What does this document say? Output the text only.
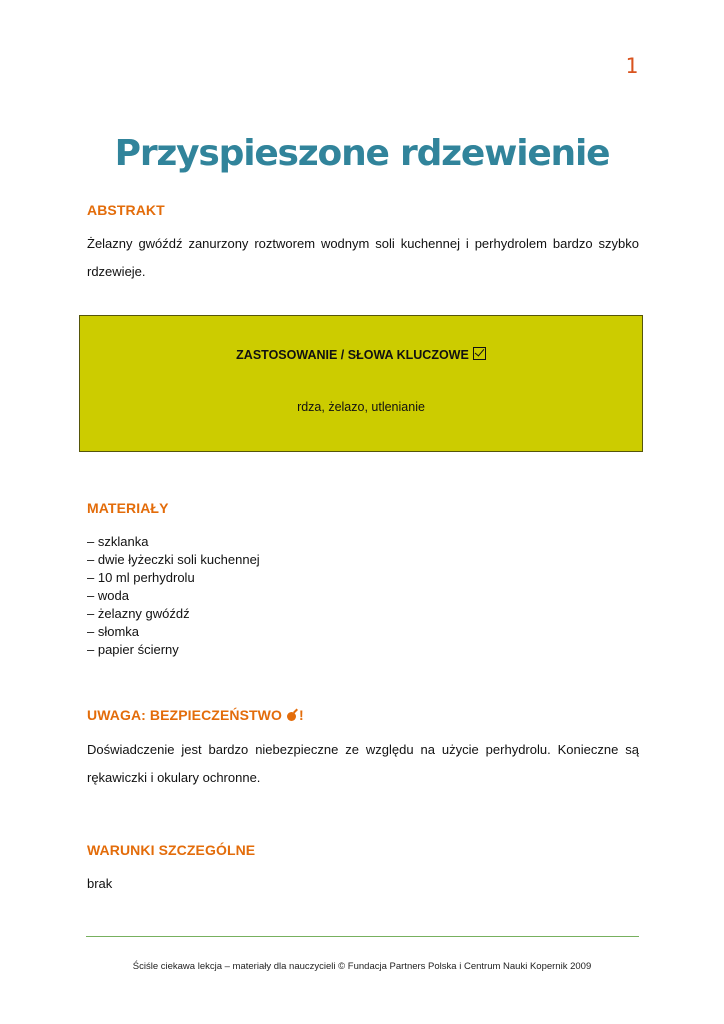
1
Przyspieszone rdzewienie
ABSTRAKT

Żelazny gwóźdź zanurzony roztworem wodnym soli kuchennej i perhydrolem bardzo szybko rdzewieje.

ZASTOSOWANIE / SŁOWA KLUCZOWE
rdza, żelazo, utlenianie
MATERIAŁY
– szklanka
– dwie łyżeczki soli kuchennej
– 10 ml perhydrolu
– woda
– żelazny gwóźdź
– słomka
– papier ścierny
UWAGA: BEZPIECZEŃSTWO !

Doświadczenie jest bardzo niebezpieczne ze względu na użycie perhydrolu. Konieczne są rękawiczki i okulary ochronne.

WARUNKI SZCZEGÓLNE

brak

Ściśle ciekawa lekcja – materiały dla nauczycieli © Fundacja Partners Polska i Centrum Nauki Kopernik 2009
